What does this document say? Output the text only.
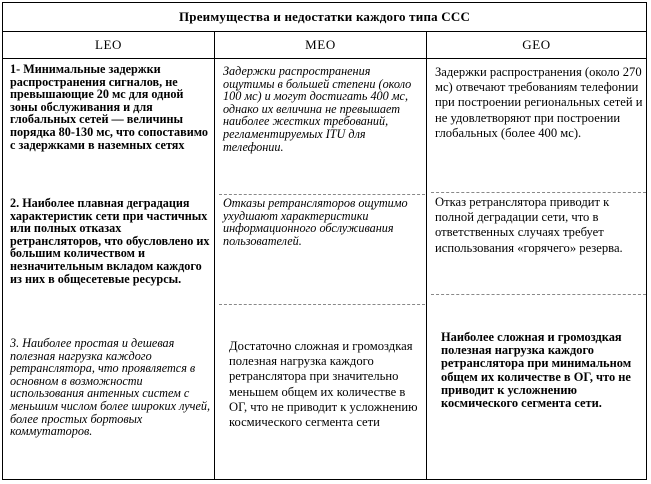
Преимущества и недостатки каждого типа ССС
LEO	MEO	GEO
1- Минимальные задержки распространения сигналов, не превышающие 20 мс для одной зоны обслуживания и для глобальных сетей — величины порядка 80-130 мс, что сопоставимо с задержками в наземных сетях
2. Наиболее плавная деградация характеристик сети при частичных или полных отказах ретрансляторов, что обусловлено их большим количеством и незначительным вкладом каждого из них в общесетевые ресурсы.
3. Наиболее простая и дешевая полезная нагрузка каждого ретранслятора, что проявляется в основном в возможности использования антенных систем с меньшим числом более широких лучей, более простых бортовых коммутаторов.
Задержки распространения ощутимы в большей степени (около 100 мс) и могут достигать 400 мс, однако их величина не превышает наиболее жестких требований, регламентируемых ITU для телефонии.
Отказы ретрансляторов ощутимо ухудшают характеристики информационного обслуживания пользователей.
Достаточно сложная и громоздкая полезная нагрузка каждого ретранслятора при значительно меньшем общем их количестве в ОГ, что не приводит к усложнению космического сегмента сети
Задержки распространения (около 270 мс) отвечают требованиям телефонии при построении региональных сетей и не удовлетворяют при построении глобальных (более 400 мс).
Отказ ретранслятора приводит к полной деградации сети, что в ответственных случаях требует использования «горячего» резерва.
Наиболее сложная и громоздкая полезная нагрузка каждого ретранслятора при минимальном общем их количестве в ОГ, что не приводит к усложнению космического сегмента сети.
